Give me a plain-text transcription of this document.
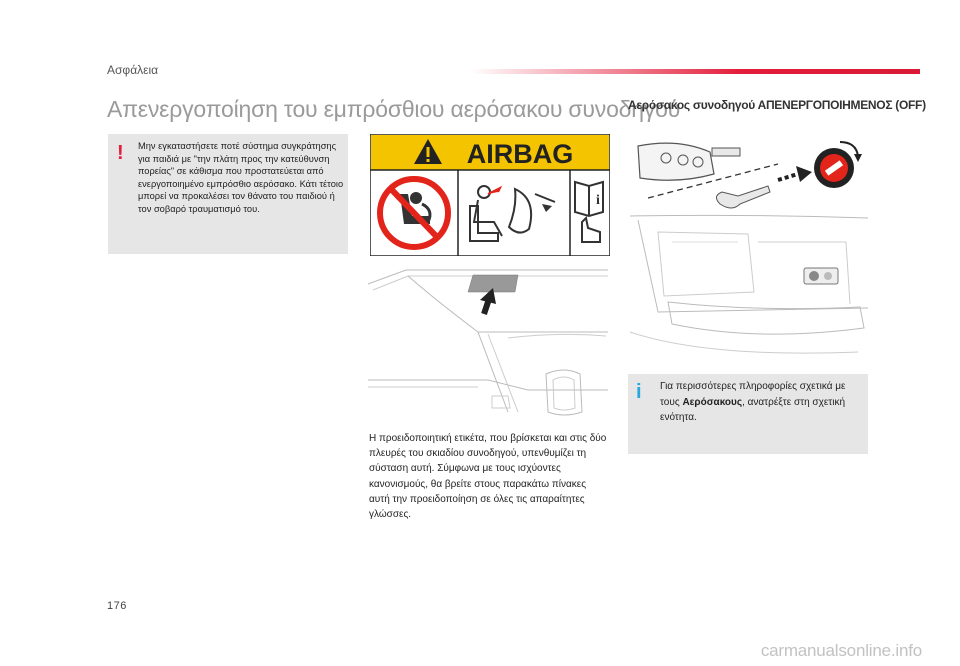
Ασφάλεια
Απενεργοποίηση του εμπρόσθιου αερόσακου συνοδηγού
! Μην εγκαταστήσετε ποτέ σύστημα συγκράτησης για παιδιά με "την πλάτη προς την κατεύθυνση πορείας" σε κάθισμα που προστατεύεται από ενεργοποιημένο εμπρόσθιο αερόσακο. Κάτι τέτοιο μπορεί να προκαλέσει τον θάνατο του παιδιού ή τον σοβαρό τραυματισμό του.
AIRBAG
i
Η προειδοποιητική ετικέτα, που βρίσκεται και στις δύο πλευρές του σκιαδίου συνοδηγού, υπενθυμίζει τη σύσταση αυτή. Σύμφωνα με τους ισχύοντες κανονισμούς, θα βρείτε στους παρακάτω πίνακες αυτή την προειδοποίηση σε όλες τις απαραίτητες γλώσσες.
Αερόσακος συνοδηγού ΑΠΕΝΕΡΓΟΠΟΙΗΜΕΝΟΣ (OFF)
i Για περισσότερες πληροφορίες σχετικά με τους Αερόσακους, ανατρέξτε στη σχετική ενότητα.
176
carmanualsonline.info
